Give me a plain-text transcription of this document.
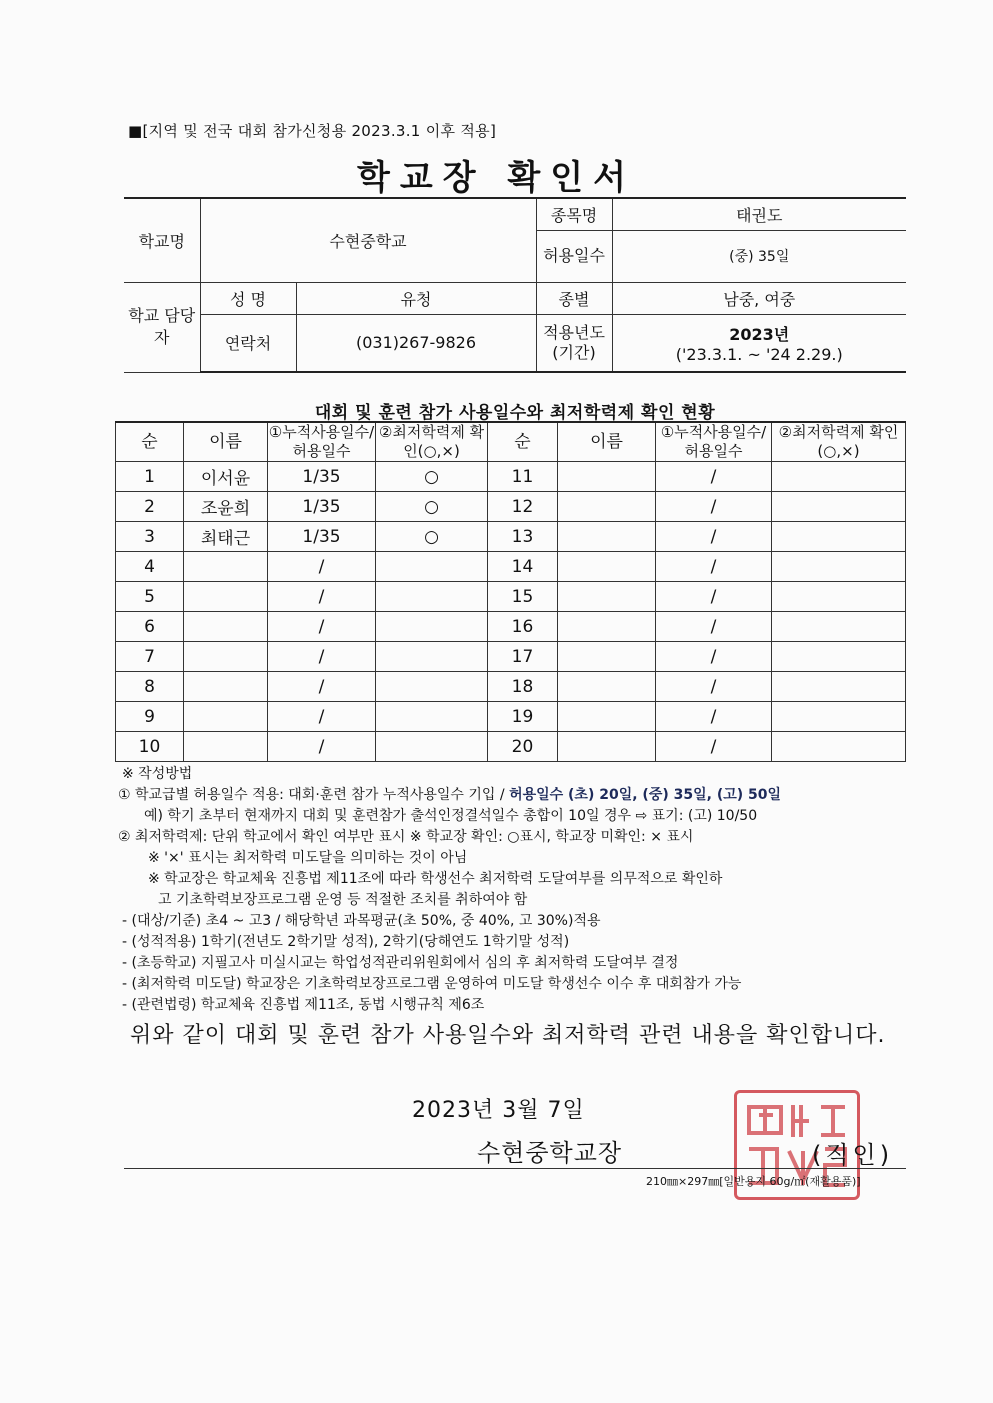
■[지역 및 전국 대회 참가신청용 2023.3.1 이후 적용]
학교장 확인서
학교명	수현중학교		종목명	태권도
			허용일수	(중) 35일
학교 담당자	성 명	유청	종별	남중, 여중
	연락처	(031)267-9826	적용년도 (기간)	2023년
('23.3.1. ~ '24 2.29.)
대회 및 훈련 참가 사용일수와 최저학력제 확인 현황
순	이름	①누적사용일수/허용일수	②최저학력제 확인(○,×)	순	이름	①누적사용일수/허용일수	②최저학력제 확인(○,×)
1	이서윤	1/35	○	11		/	
2	조윤희	1/35	○	12		/	
3	최태근	1/35	○	13		/	
4		/		14		/	
5		/		15		/	
6		/		16		/	
7		/		17		/	
8		/		18		/	
9		/		19		/	
10		/		20		/	
※ 작성방법
① 학교급별 허용일수 적용: 대회·훈련 참가 누적사용일수 기입 / 허용일수 (초) 20일, (중) 35일, (고) 50일
예) 학기 초부터 현재까지 대회 및 훈련참가 출석인정결석일수 총합이 10일 경우 ⇨ 표기: (고) 10/50
② 최저학력제: 단위 학교에서 확인 여부만 표시 ※ 학교장 확인: ○표시, 학교장 미확인: × 표시
※ '×' 표시는 최저학력 미도달을 의미하는 것이 아님
※ 학교장은 학교체육 진흥법 제11조에 따라 학생선수 최저학력 도달여부를 의무적으로 확인하
고 기초학력보장프로그램 운영 등 적절한 조치를 취하여야 함
- (대상/기준) 초4 ~ 고3 / 해당학년 과목평균(초 50%, 중 40%, 고 30%)적용
- (성적적용) 1학기(전년도 2학기말 성적), 2학기(당해연도 1학기말 성적)
- (초등학교) 지필고사 미실시교는 학업성적관리위원회에서 심의 후 최저학력 도달여부 결정
- (최저학력 미도달) 학교장은 기초학력보장프로그램 운영하여 미도달 학생선수 이수 후 대회참가 가능
- (관련법령) 학교체육 진흥법 제11조, 동법 시행규칙 제6조
위와 같이 대회 및 훈련 참가 사용일수와 최저학력 관련 내용을 확인합니다.
2023년 3월 7일
수현중학교장	(직인)
210㎜×297㎜[일반용지 60g/㎡(재활용품)]
